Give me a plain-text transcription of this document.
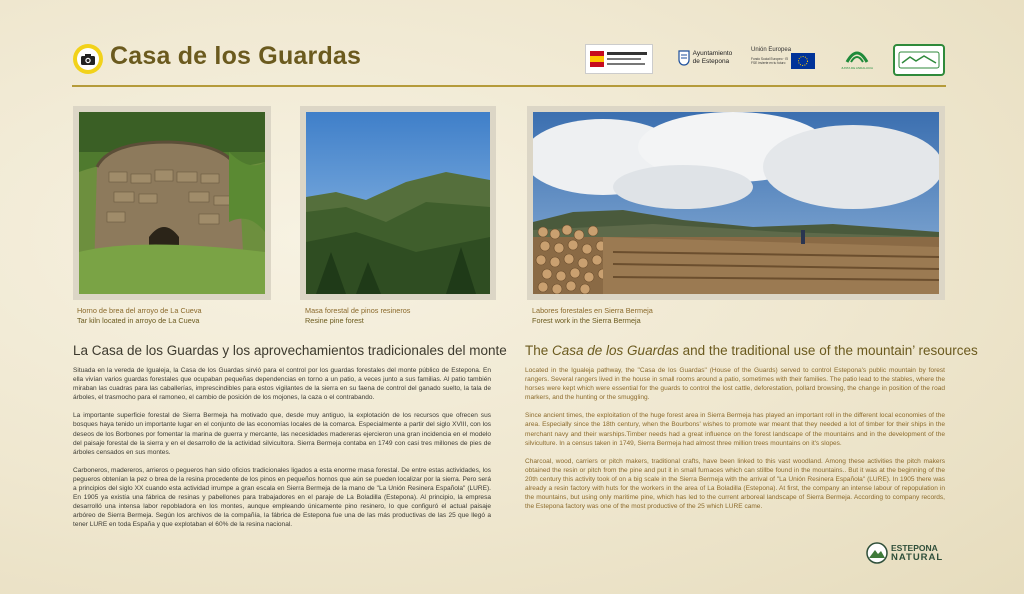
Casa de los Guardas	Ayuntamiento
de Estepona
Unión Europea
Fondo Social Europeo · El FSE invierte en tu futuro
JUNTA DE ANDALUCIA
Horno de brea del arroyo de La Cueva
Tar kiln located in arroyo de La Cueva
Masa forestal de pinos resineros
Resine pine forest
Labores forestales en Sierra Bermeja
Forest work in the Sierra Bermeja
La Casa de los Guardas y los aprovechamientos tradicionales del monte The Casa de los Guardas and the traditional use of the mountain’ resources

Situada en la vereda de Igualeja, la Casa de los Guardas sirvió para el control por los guardas forestales del monte público de Estepona. En ella vivían varios guardas forestales que ocupaban pequeñas dependencias en torno a un patio, a veces junto a sus familias. Al patio también miraban las cuadras para las caballerías, imprescindibles para estos vigilantes de la sierra en su faena de control del ganado suelto, la tala de árboles, el trasmocho para el ramoneo, el cambio de posición de los mojones, la caza o el contrabando.

La importante superficie forestal de Sierra Bermeja ha motivado que, desde muy antiguo, la explotación de los recursos que ofrecen sus bosques haya tenido un importante lugar en el conjunto de las economías locales de la comarca. Especialmente a partir del siglo XVIII, con los deseos de los Borbones por fomentar la marina de guerra y mercante, las necesidades madereras ejercieron una gran incidencia en el modelo del paisaje forestal de la sierra y en el desarrollo de la actividad silvicultora. Sierra Bermeja contaba en 1749 con casi tres millones de pies de árboles censados en sus montes.

Carboneros, madereros, arrieros o pegueros han sido oficios tradicionales ligados a esta enorme masa forestal. De entre estas actividades, los pegueros obtenían la pez o brea de la resina procedente de los pinos en pequeños hornos que aún se pueden localizar por la sierra. Pero será a principios del siglo XX cuando esta actividad irrumpe a gran escala en Sierra Bermeja de la mano de "La Unión Resinera Española" (LURE). En 1905 ya existía una fábrica de resinas y pabellones para trabajadores en el paraje de La Boladilla (Estepona). Al principio, la empresa desarrolló una intensa labor repobladora en los montes, aunque empleando únicamente pino resinero, lo que configuró el actual paisaje arbóreo de Sierra Bermeja. Según los archivos de la compañía, la fábrica de Estepona fue una de las más productivas de las 25 que llegó a tener LURE en toda España y que explotaban el 60% de la resina nacional.

Located in the Igualeja pathway, the "Casa de los Guardas" (House of the Guards) served to control Estepona's public mountain by forest rangers. Several rangers lived in the house in small rooms around a patio, sometimes with their families. The patio lead to the stables, where the horses were kept which were essential for the guards to control the lost cattle, deforestation, pollard browsing, the change in position of the road markers, and the hunting or the smuggling.

Since ancient times, the exploitation of the huge forest area in Sierra Bermeja has played an important roll in the different local economies of the area. Especially since the 18th century, when the Bourbons' wishes to promote war meant that they needed a lot of timber for their ships in the merchant navy and their warships.Timber needs had a great influence on the forest landscape of the mountains and in the development of the silviculture. In a census taken in 1749, Sierra Bermeja had almost three million trees mountains on it's slopes.

Charcoal, wood, carriers or pitch makers, traditional crafts, have been linked to this vast woodland. Among these activities the pitch makers obtained the resin or pitch from the pine and put it in small furnaces which can stillbe found in the mountains.. But it was at the beginning of the 20th century this activity took of on a big scale in the Sierra Bermeja with the arrival of "La Unión Resinera Española" (LURE). In 1905 there was already a resin factory with huts for the workers in the area of La Boladilla (Estepona). At first, the company an intense labour of repopulation in the mountains, but using only maritime pine, which has led to the current arboreal landscape of Sierra Bermeja. According to company records, the Estepona factory was one of the most productive of the 25 which LURE came.

ESTEPONA
NATURAL
